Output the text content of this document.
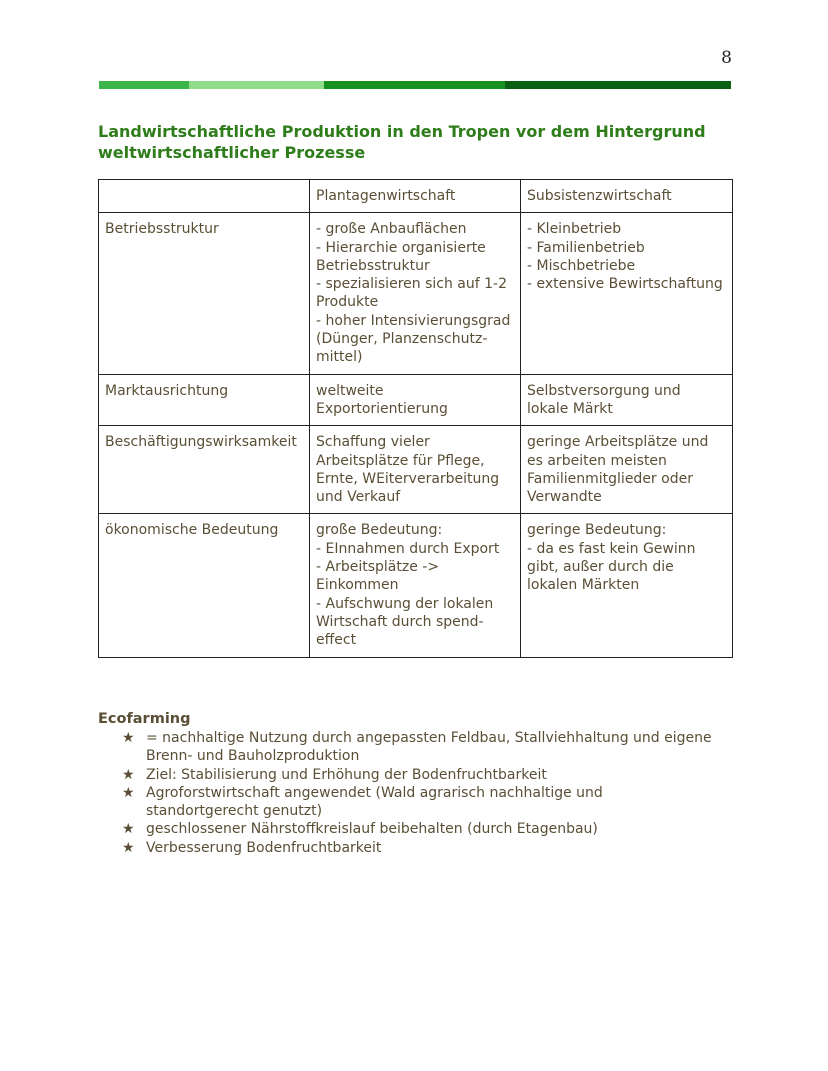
8
Landwirtschaftliche Produktion in den Tropen vor dem Hintergrund weltwirtschaftlicher Prozesse
	Plantagenwirtschaft	Subsistenzwirtschaft
Betriebsstruktur	- große Anbauflächen
- Hierarchie organisierte Betriebsstruktur
- spezialisieren sich auf 1-2 Produkte
- hoher Intensivierungsgrad (Dünger, Planzenschutz-mittel)	- Kleinbetrieb
- Familienbetrieb
- Mischbetriebe
- extensive Bewirtschaftung
Marktausrichtung	weltweite Exportorientierung	Selbstversorgung und lokale Märkt
Beschäftigungswirksamkeit	Schaffung vieler Arbeitsplätze für Pflege, Ernte, WEiterverarbeitung und Verkauf	geringe Arbeitsplätze und es arbeiten meisten Familienmitglieder oder Verwandte
ökonomische Bedeutung	große Bedeutung:
- EInnahmen durch Export
- Arbeitsplätze -> Einkommen
- Aufschwung der lokalen Wirtschaft durch spend-effect	geringe Bedeutung:
- da es fast kein Gewinn gibt, außer durch die lokalen Märkten
Ecofarming
★ = nachhaltige Nutzung durch angepassten Feldbau, Stallviehhaltung und eigene Brenn- und Bauholzproduktion
★ Ziel: Stabilisierung und Erhöhung der Bodenfruchtbarkeit
★ Agroforstwirtschaft angewendet (Wald agrarisch nachhaltige und standortgerecht genutzt)
★ geschlossener Nährstoffkreislauf beibehalten (durch Etagenbau)
★ Verbesserung Bodenfruchtbarkeit
